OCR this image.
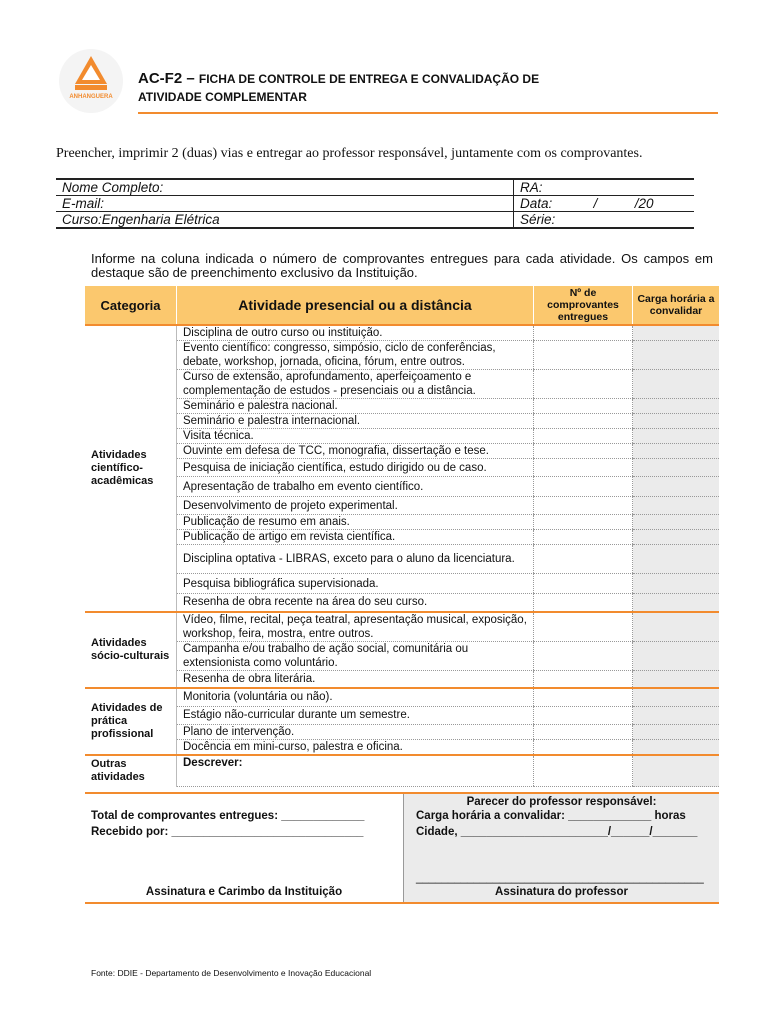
ANHANGUERA
AC-F2 – FICHA DE CONTROLE DE ENTREGA E CONVALIDAÇÃO DE
ATIVIDADE COMPLEMENTAR
Preencher, imprimir 2 (duas) vias e entregar ao professor responsável, juntamente com os comprovantes.
Nome Completo:	RA:
E-mail:	Data:           /          /20
Curso:Engenharia Elétrica	Série:
Informe na coluna indicada o número de comprovantes entregues para cada atividade. Os campos em destaque são de preenchimento exclusivo da Instituição.
Categoria	Atividade presencial ou a distância	Nº de comprovantes entregues	Carga horária a convalidar
Atividades científico-acadêmicas	Disciplina de outro curso ou instituição.		
	Evento científico: congresso, simpósio, ciclo de conferências, debate, workshop, jornada, oficina, fórum, entre outros.		
	Curso de extensão, aprofundamento, aperfeiçoamento e complementação de estudos - presenciais ou a distância.		
	Seminário e palestra nacional.		
	Seminário e palestra internacional.		
	Visita técnica.		
	Ouvinte em defesa de TCC, monografia, dissertação e tese.		
	Pesquisa de iniciação científica, estudo dirigido ou de caso.		
	Apresentação de trabalho em evento científico.		
	Desenvolvimento de projeto experimental.		
	Publicação de resumo em anais.		
	Publicação de artigo em revista científica.		
	Disciplina optativa - LIBRAS, exceto para o aluno da licenciatura.		
	Pesquisa bibliográfica supervisionada.		
	Resenha de obra recente na área do seu curso.		
Atividades sócio-culturais	Vídeo, filme, recital, peça teatral, apresentação musical, exposição, workshop, feira, mostra, entre outros.		
	Campanha e/ou trabalho de ação social, comunitária ou extensionista como voluntário.		
	Resenha de obra literária.		
Atividades de prática profissional	Monitoria (voluntária ou não).		
	Estágio não-curricular durante um semestre.		
	Plano de intervenção.		
	Docência em mini-curso, palestra e oficina.		
Outras atividades	Descrever:		
Total de comprovantes entregues: _____________
Recebido por: ______________________________
Assinatura e Carimbo da Instituição
Parecer do professor responsável:
Carga horária a convalidar: _____________ horas
Cidade, _______________________/______/_______
_____________________________________________
Assinatura do professor
Fonte: DDIE - Departamento de Desenvolvimento e Inovação Educacional
